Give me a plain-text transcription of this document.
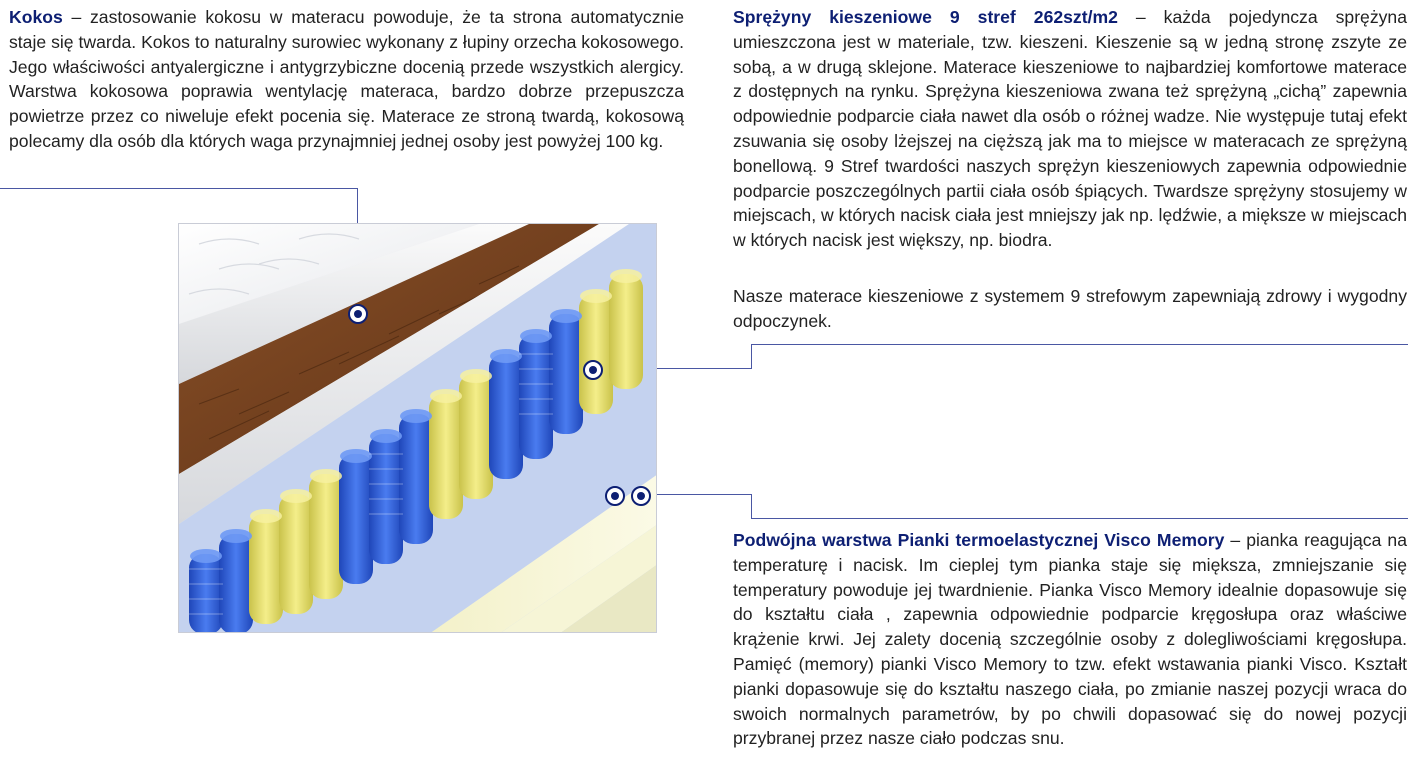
Kokos – zastosowanie kokosu w materacu powoduje, że ta strona automatycznie staje się twarda. Kokos to naturalny surowiec wykonany z łupiny orzecha kokosowego. Jego właściwości antyalergiczne i antygrzybiczne docenią przede wszystkich alergicy. Warstwa kokosowa poprawia wentylację materaca, bardzo dobrze przepuszcza powietrze przez co niweluje efekt pocenia się. Materace ze stroną twardą, kokosową polecamy dla osób dla których waga przynajmniej jednej osoby jest powyżej 100 kg.

Sprężyny kieszeniowe 9 stref 262szt/m2 – każda pojedyncza sprężyna umieszczona jest w materiale, tzw. kieszeni. Kieszenie są w jedną stronę zszyte ze sobą, a w drugą sklejone. Materace kieszeniowe to najbardziej komfortowe materace z dostępnych na rynku. Sprężyna kieszeniowa zwana też sprężyną „cichą” zapewnia odpowiednie podparcie ciała nawet dla osób o różnej wadze. Nie występuje tutaj efekt zsuwania się osoby lżejszej na cięższą jak ma to miejsce w materacach ze sprężyną bonellową. 9 Stref twardości naszych sprężyn kieszeniowych zapewnia odpowiednie podparcie poszczególnych partii ciała osób śpiących. Twardsze sprężyny stosujemy w miejscach, w których nacisk ciała jest mniejszy jak np. lędźwie, a miększe w miejscach w których nacisk jest większy, np. biodra.

Nasze materace kieszeniowe z systemem 9 strefowym zapewniają zdrowy i wygodny odpoczynek.

Podwójna warstwa Pianki termoelastycznej Visco Memory – pianka reagująca na temperaturę i nacisk. Im cieplej tym pianka staje się miększa, zmniejszanie się temperatury powoduje jej twardnienie. Pianka Visco Memory idealnie dopasowuje się do kształtu ciała , zapewnia odpowiednie podparcie kręgosłupa oraz właściwe krążenie krwi. Jej zalety docenią szczególnie osoby z dolegliwościami kręgosłupa. Pamięć (memory) pianki Visco Memory to tzw. efekt wstawania pianki Visco. Kształt pianki dopasowuje się do kształtu naszego ciała, po zmianie naszej pozycji wraca do swoich normalnych parametrów, by po chwili dopasować się do nowej pozycji przybranej przez nasze ciało podczas snu.
